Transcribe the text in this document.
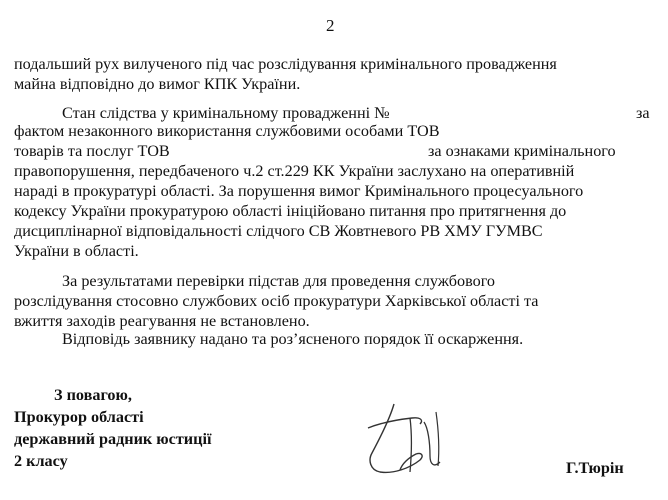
2
подальший рух вилученого під час розслідування кримінального провадження
майна відповідно до вимог КПК України.
Стан слідства у кримінальному провадженні №	за
фактом незаконного використання службовими особами ТОВ
товарів та послуг ТОВ	за ознаками кримінального
правопорушення, передбаченого ч.2 ст.229 КК України заслухано на оперативній
нараді в прокуратурі області. За порушення вимог Кримінального процесуального
кодексу України прокуратурою області ініційовано питання про притягнення до
дисциплінарної відповідальності слідчого СВ Жовтневого РВ ХМУ ГУМВС
України в області.
За результатами перевірки підстав для проведення службового
розслідування стосовно службових осіб прокуратури Харківської області та
вжиття заходів реагування не встановлено.
Відповідь заявнику надано та роз’ясненого порядок її оскарження.
З повагою,
Прокурор області
державний радник юстиції
2 класу	Г.Тюрін
